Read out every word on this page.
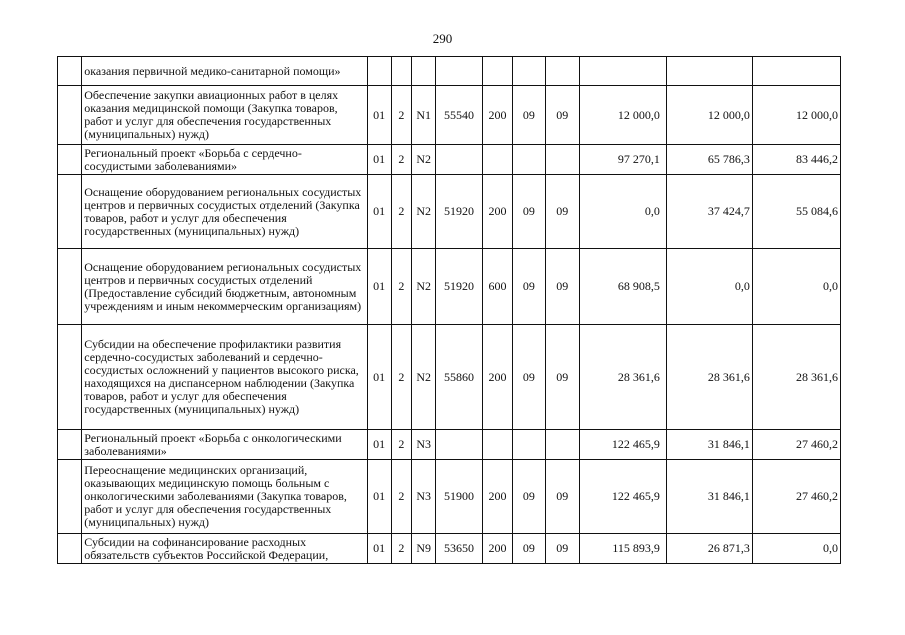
290
	оказания первичной медико-санитарной помощи»										
	Обеспечение закупки авиационных работ в целях оказания медицинской помощи (Закупка товаров, работ и услуг для обеспечения государственных (муниципальных) нужд)	01	2	N1	55540	200	09	09	12 000,0	12 000,0	12 000,0
	Региональный проект «Борьба с сердечно-сосудистыми заболеваниями»	01	2	N2					97 270,1	65 786,3	83 446,2
	Оснащение оборудованием региональных сосудистых центров и первичных сосудистых отделений (Закупка товаров, работ и услуг для обеспечения государственных (муниципальных) нужд)	01	2	N2	51920	200	09	09	0,0	37 424,7	55 084,6
	Оснащение оборудованием региональных сосудистых центров и первичных сосудистых отделений (Предоставление субсидий бюджетным, автономным учреждениям и иным некоммерческим организациям)	01	2	N2	51920	600	09	09	68 908,5	0,0	0,0
	Субсидии на обеспечение профилактики развития сердечно-сосудистых заболеваний и сердечно-сосудистых осложнений у пациентов высокого риска, находящихся на диспансерном наблюдении (Закупка товаров, работ и услуг для обеспечения государственных (муниципальных) нужд)	01	2	N2	55860	200	09	09	28 361,6	28 361,6	28 361,6
	Региональный проект «Борьба с онкологическими заболеваниями»	01	2	N3					122 465,9	31 846,1	27 460,2
	Переоснащение медицинских организаций, оказывающих медицинскую помощь больным с онкологическими заболеваниями (Закупка товаров, работ и услуг для обеспечения государственных (муниципальных) нужд)	01	2	N3	51900	200	09	09	122 465,9	31 846,1	27 460,2
	Субсидии на софинансирование расходных обязательств субъектов Российской Федерации,	01	2	N9	53650	200	09	09	115 893,9	26 871,3	0,0
